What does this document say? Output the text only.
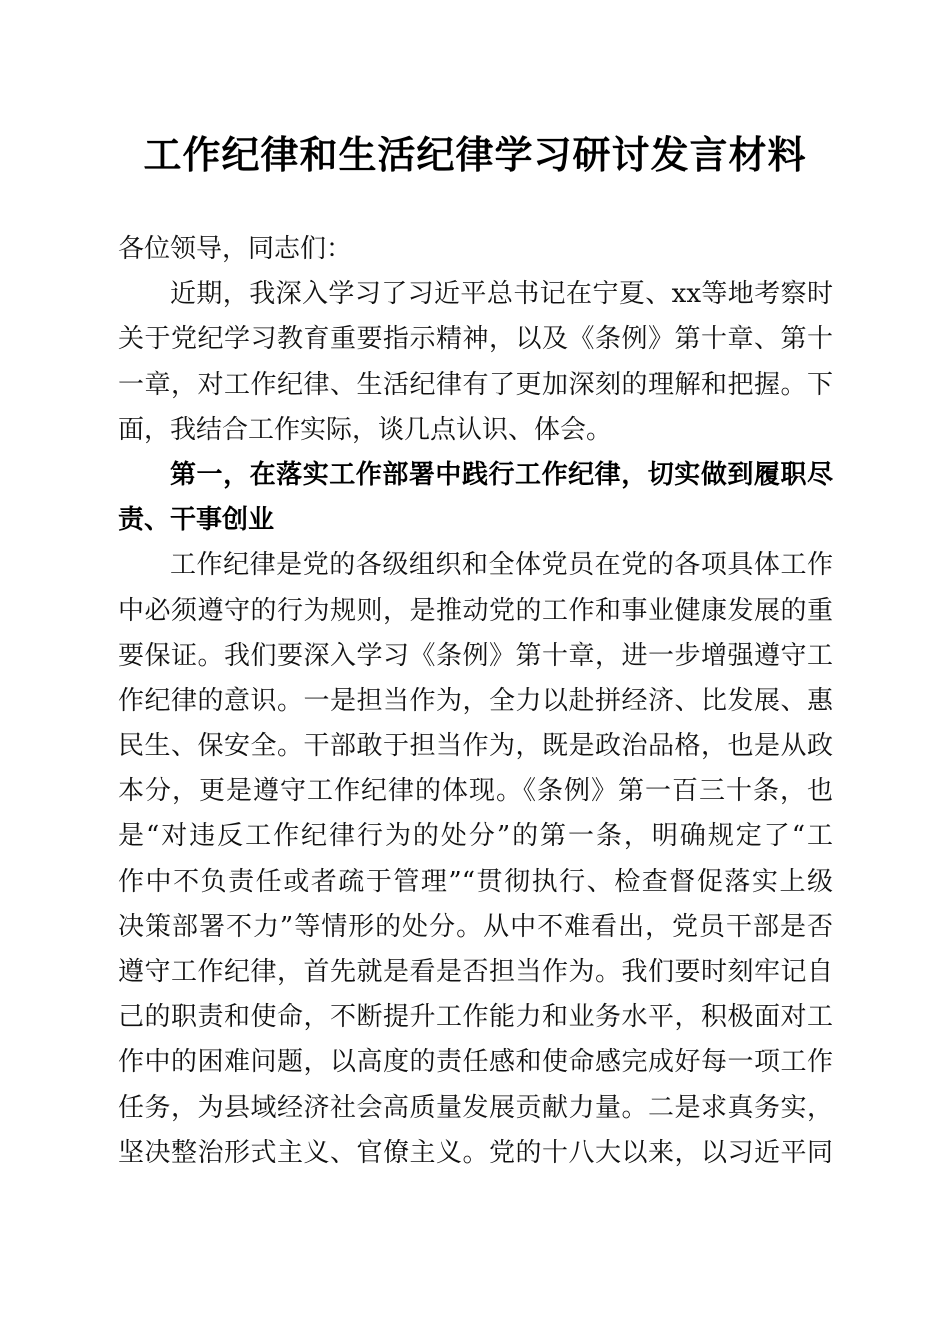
工作纪律和生活纪律学习研讨发言材料
各位领导，同志们：
近期，我深入学习了习近平总书记在宁夏、xx等地考察时
关于党纪学习教育重要指示精神，以及《条例》第十章、第十
一章，对工作纪律、生活纪律有了更加深刻的理解和把握。下
面，我结合工作实际，谈几点认识、体会。
第一，在落实工作部署中践行工作纪律，切实做到履职尽
责、干事创业
工作纪律是党的各级组织和全体党员在党的各项具体工作
中必须遵守的行为规则，是推动党的工作和事业健康发展的重
要保证。我们要深入学习《条例》第十章，进一步增强遵守工
作纪律的意识。一是担当作为，全力以赴拼经济、比发展、惠
民生、保安全。干部敢于担当作为，既是政治品格，也是从政
本分，更是遵守工作纪律的体现。《条例》第一百三十条，也
是“对违反工作纪律行为的处分”的第一条，明确规定了“工
作中不负责任或者疏于管理”“贯彻执行、检查督促落实上级
决策部署不力”等情形的处分。从中不难看出，党员干部是否
遵守工作纪律，首先就是看是否担当作为。我们要时刻牢记自
己的职责和使命，不断提升工作能力和业务水平，积极面对工
作中的困难问题，以高度的责任感和使命感完成好每一项工作
任务，为县域经济社会高质量发展贡献力量。二是求真务实，
坚决整治形式主义、官僚主义。党的十八大以来，以习近平同
